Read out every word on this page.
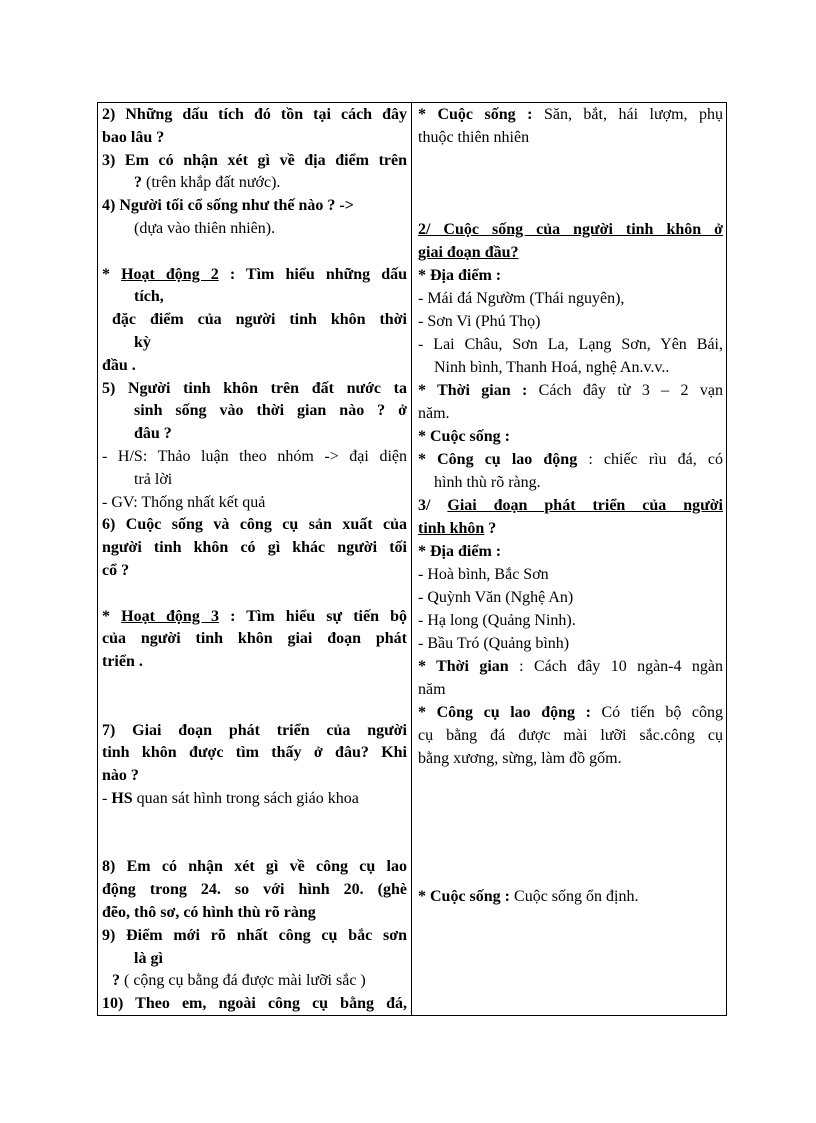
2) Những dấu tích đó tồn tại cách đây
bao lâu ?
3) Em có nhận xét gì về địa điểm trên
? (trên khắp đất nước).
4) Người tối cổ sống như thế nào ? ->
(dựa vào thiên nhiên).
* Hoạt động 2 : Tìm hiểu những dấu
tích,
đặc điểm của người tinh khôn thời
kỳ
đầu .
5) Người tinh khôn trên đất nước ta
sinh sống vào thời gian nào ? ở
đâu ?
- H/S: Thảo luận theo nhóm -> đại diện
trả lời
- GV: Thống nhất kết quả
6) Cuộc sống và công cụ sản xuất của
người tinh khôn có gì khác người tối
cổ ?
* Hoạt động 3 : Tìm hiểu sự tiến bộ
của người tinh khôn giai đoạn phát
triển .
7) Giai đoạn phát triển của người
tinh khôn được tìm thấy ở đâu? Khi
nào ?
- HS quan sát hình trong sách giáo khoa
8) Em có nhận xét gì về công cụ lao
động trong 24. so với hình 20. (ghè
đẽo, thô sơ, có hình thù rõ ràng
9) Điểm mới rõ nhất công cụ bắc sơn
là gì
? ( cộng cụ bằng đá được mài lưỡi sắc )
10) Theo em, ngoài công cụ bằng đá,
* Cuộc sống : Săn, bắt, hái lượm, phụ
thuộc thiên nhiên
2/ Cuộc sống của người tinh khôn ở
giai đoạn đầu?
* Địa điểm :
- Mái đá Ngườm (Thái nguyên),
- Sơn Vi (Phú Thọ)
- Lai Châu, Sơn La, Lạng Sơn, Yên Bái,
Ninh bình, Thanh Hoá, nghệ An.v.v..
* Thời gian : Cách đây từ 3 – 2 vạn
năm.
* Cuộc sống :
* Công cụ lao động : chiếc rìu đá, có
hình thù rõ ràng.
3/ Giai đoạn phát triển của người
tinh khôn ?
* Địa điểm :
- Hoà bình, Bắc Sơn
- Quỳnh Văn (Nghệ An)
- Hạ long (Quảng Ninh).
- Bầu Tró (Quảng bình)
* Thời gian : Cách đây 10 ngàn-4 ngàn
năm
* Công cụ lao động : Có tiến bộ công
cụ bằng đá được mài lưỡi sắc.công cụ
bằng xương, sừng, làm đồ gốm.
* Cuộc sống : Cuộc sống ổn định.
